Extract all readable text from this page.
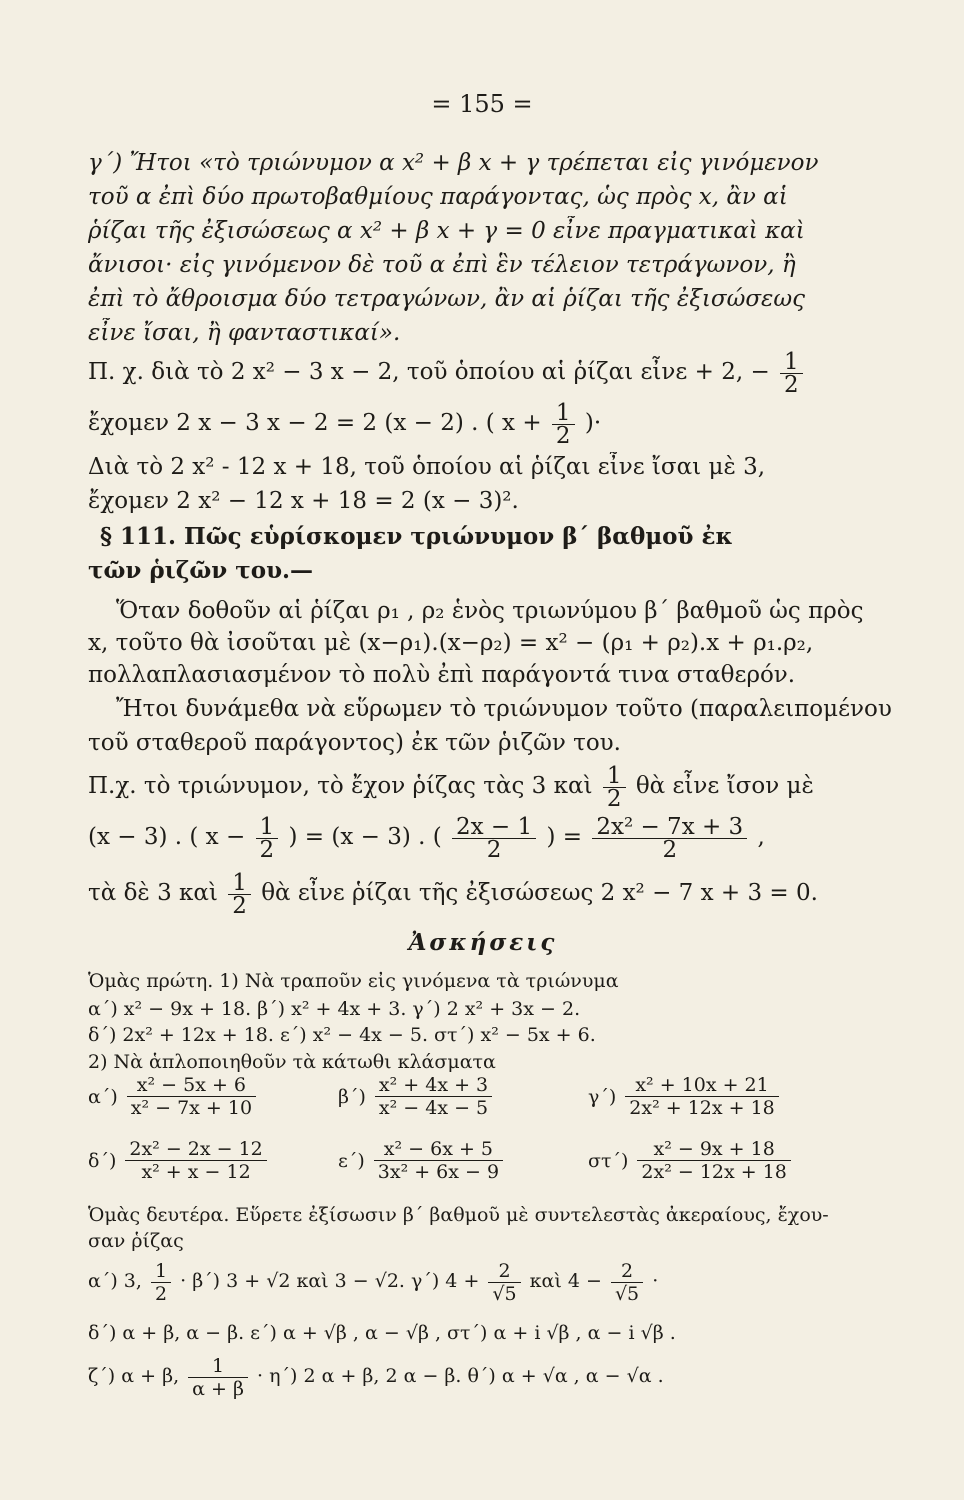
= 155 =
γ΄) Ἤτοι «τὸ τριώνυμον α x² + β x + γ τρέπεται εἰς γινόμενον
τοῦ α ἐπὶ δύο πρωτοβαθμίους παράγοντας, ὡς πρὸς x, ἂν αἱ
ῥίζαι τῆς ἐξισώσεως α x² + β x + γ = 0 εἶνε πραγματικαὶ καὶ
ἄνισοι· εἰς γινόμενον δὲ τοῦ α ἐπὶ ἓν τέλειον τετράγωνον, ἢ
ἐπὶ τὸ ἄθροισμα δύο τετραγώνων, ἂν αἱ ῥίζαι τῆς ἐξισώσεως
εἶνε ἴσαι, ἢ φανταστικαί».
Π. χ. διὰ τὸ 2 x² − 3 x − 2, τοῦ ὁποίου αἱ ῥίζαι εἶνε + 2, − $\frac{1}{2}$
ἔχομεν 2 x − 3 x − 2 = 2 (x − 2) . ( $x + \frac{1}{2}$ )·
Διὰ τὸ 2 x² - 12 x + 18, τοῦ ὁποίου αἱ ῥίζαι εἶνε ἴσαι μὲ 3,
ἔχομεν 2 x² − 12 x + 18 = 2 (x − 3)².
§ 111. Πῶς εὑρίσκομεν τριώνυμον β΄ βαθμοῦ ἐκ
τῶν ῥιζῶν του.—
Ὅταν δοθοῦν αἱ ῥίζαι ρ₁ , ρ₂ ἑνὸς τριωνύμου β΄ βαθμοῦ ὡς πρὸς
x, τοῦτο θὰ ἰσοῦται μὲ (x−ρ₁).(x−ρ₂) = x² − (ρ₁ + ρ₂).x + ρ₁.ρ₂,
πολλαπλασιασμένον τὸ πολὺ ἐπὶ παράγοντά τινα σταθερόν.
Ἤτοι δυνάμεθα νὰ εὕρωμεν τὸ τριώνυμον τοῦτο (παραλειπομένου
τοῦ σταθεροῦ παράγοντος) ἐκ τῶν ῥιζῶν του.
Π.χ. τὸ τριώνυμον, τὸ ἔχον ῥίζας τὰς 3 καὶ $\frac{1}{2}$ θὰ εἶνε ἴσον μὲ
(x − 3) . ( $x - \frac{1}{2}$ ) = (x − 3) . ( $\frac{2x - 1}{2}$ ) = $\frac{\text{2x² − 7x + 3}}{2}$ ,
τὰ δὲ 3 καὶ $\frac{1}{2}$ θὰ εἶνε ῥίζαι τῆς ἐξισώσεως 2 x² − 7 x + 3 = 0.
Ἀσκήσεις
Ὁμὰς πρώτη. 1) Νὰ τραποῦν εἰς γινόμενα τὰ τριώνυμα
α΄) x² − 9x + 18. β΄) x² + 4x + 3. γ΄) 2 x² + 3x − 2.
δ΄) 2x² + 12x + 18. ε΄) x² − 4x − 5. στ΄) x² − 5x + 6.
2) Νὰ ἁπλοποιηθοῦν τὰ κάτωθι κλάσματα
$\alpha΄) \frac{\text{x² − 5x + 6}}{\text{x² − 7x + 10}}$	$\beta΄) \frac{\text{x² + 4x + 3}}{\text{x² − 4x − 5}}$	$\gamma΄) \frac{\text{x² + 10x + 21}}{\text{2x² + 12x + 18}}$
$\delta΄) \frac{\text{2x² − 2x − 12}}{\text{x² + x − 12}}$	$\varepsilon΄) \frac{\text{x² − 6x + 5}}{\text{3x² + 6x − 9}}$	$\sigma\tau΄) \frac{\text{x² − 9x + 18}}{\text{2x² − 12x + 18}}$
Ὁμὰς δευτέρα. Εὕρετε ἐξίσωσιν β΄ βαθμοῦ μὲ συντελεστὰς ἀκεραίους, ἔχου-
σαν ῥίζας
α΄) 3, $\frac{1}{2} \cdot \beta΄$) 3 + √2 καὶ 3 − √2. γ΄) $4 + \frac{2}{√5}$ καὶ $4 - \frac{2}{√5}$ ·
δ΄) α + β, α − β. ε΄) α + √β , α − √β , στ΄) α + i √β , α − i √β .
ζ΄) α + β, $\frac{1}{\alpha + \beta} \cdot \eta΄$) 2 α + β, 2 α − β. θ΄) α + √α , α − √α .
